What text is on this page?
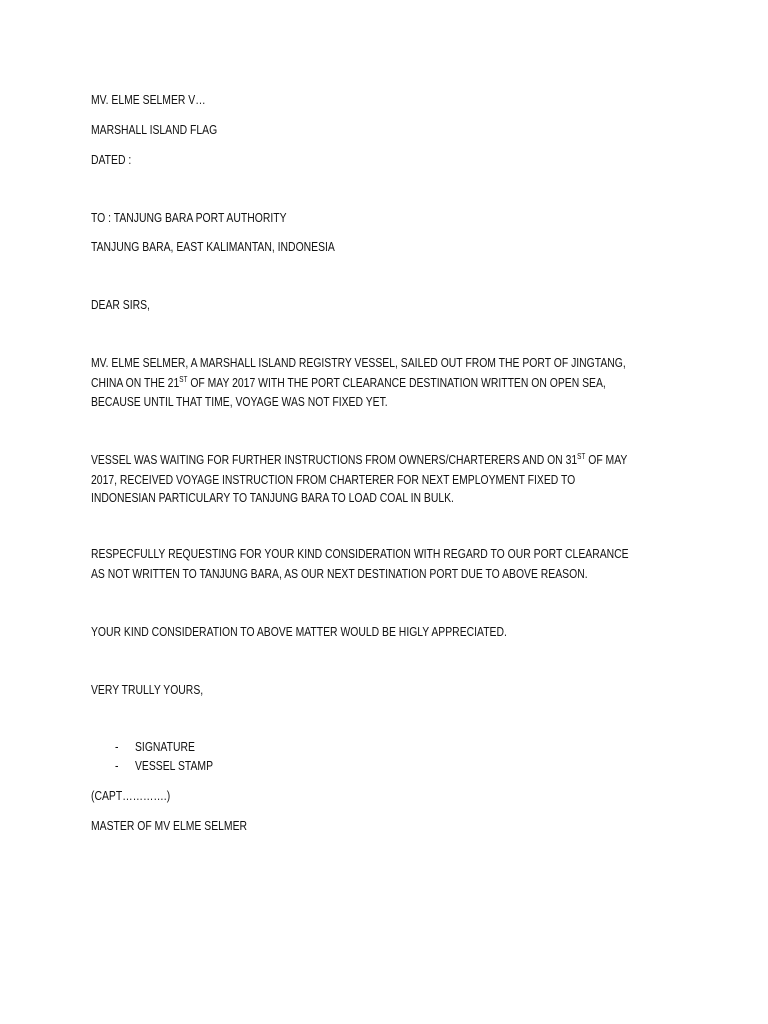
MV. ELME SELMER V…
MARSHALL ISLAND FLAG
DATED :
TO : TANJUNG BARA PORT AUTHORITY
TANJUNG BARA, EAST KALIMANTAN, INDONESIA
DEAR SIRS,
MV. ELME SELMER, A MARSHALL ISLAND REGISTRY VESSEL, SAILED OUT FROM THE PORT OF JINGTANG,
CHINA ON THE 21ST OF MAY 2017 WITH THE PORT CLEARANCE DESTINATION WRITTEN ON OPEN SEA,
BECAUSE UNTIL THAT TIME, VOYAGE WAS NOT FIXED YET.
VESSEL WAS WAITING FOR FURTHER INSTRUCTIONS FROM OWNERS/CHARTERERS AND ON 31ST OF MAY
2017, RECEIVED VOYAGE INSTRUCTION FROM CHARTERER FOR NEXT EMPLOYMENT FIXED TO
INDONESIAN PARTICULARY TO TANJUNG BARA TO LOAD COAL IN BULK.
RESPECFULLY REQUESTING FOR YOUR KIND CONSIDERATION WITH REGARD TO OUR PORT CLEARANCE
AS NOT WRITTEN TO TANJUNG BARA, AS OUR NEXT DESTINATION PORT DUE TO ABOVE REASON.
YOUR KIND CONSIDERATION TO ABOVE MATTER WOULD BE HIGLY APPRECIATED.
VERY TRULLY YOURS,
- SIGNATURE
- VESSEL STAMP
(CAPT………….)
MASTER OF MV ELME SELMER
